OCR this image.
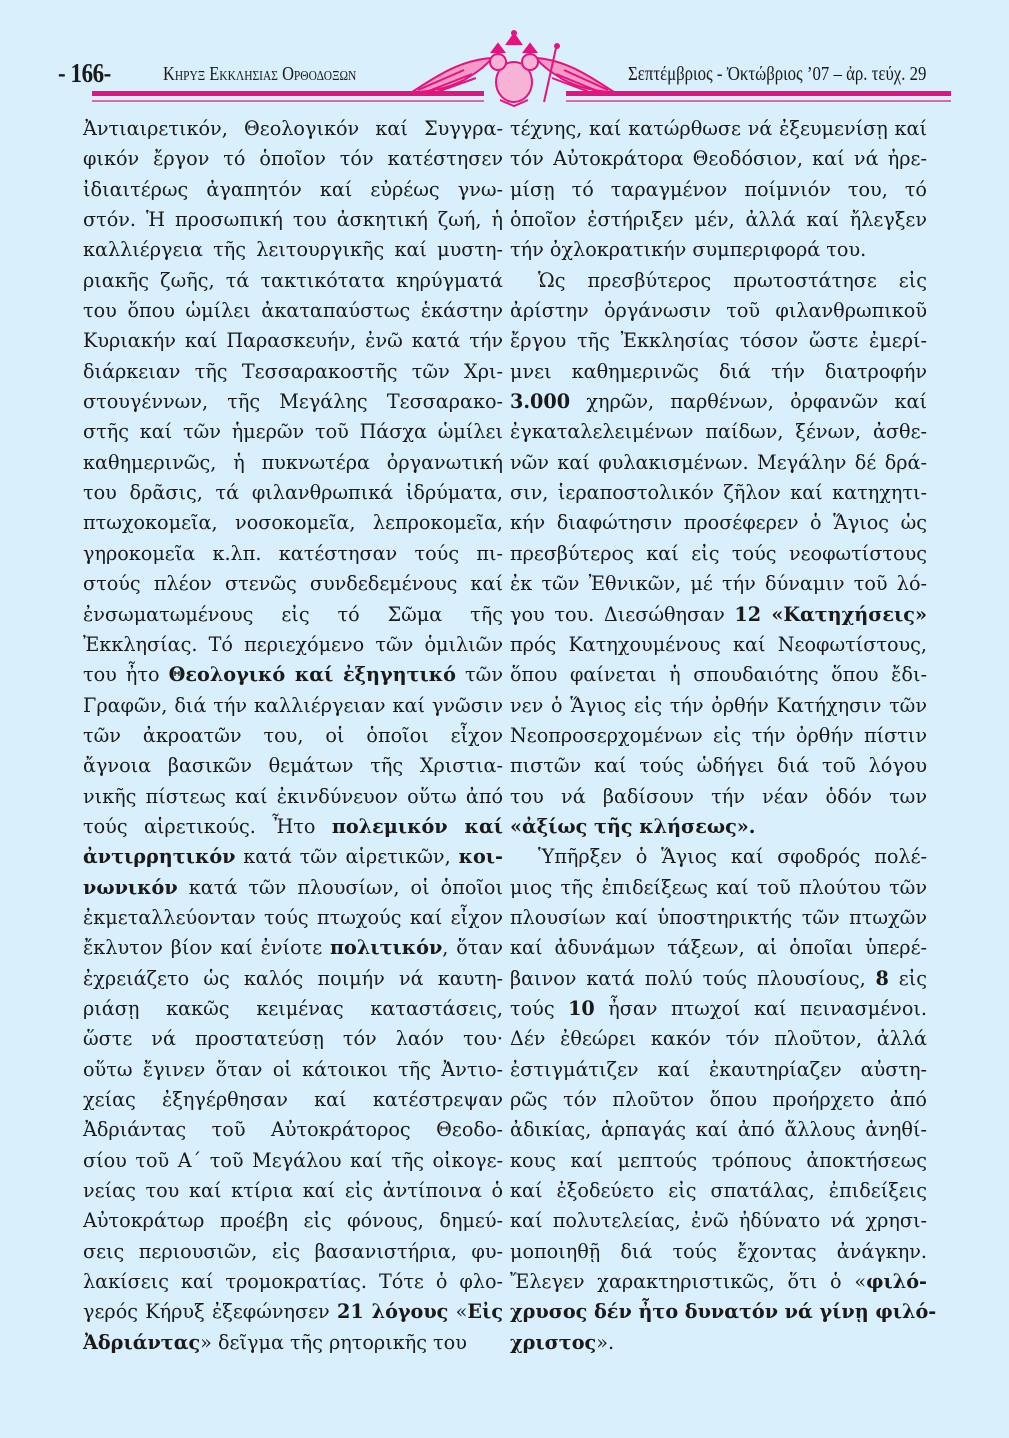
- 166-	Κηρυξ Εκκλησιας Ορθοδοξων	Σεπτέμβριος - Ὀκτώβριος ’07 – ἀρ. τεύχ. 29
Ἀντιαιρετικόν, Θεολογικόν καί Συγγρα-
φικόν ἔργον τό ὁποῖον τόν κατέστησεν
ἰδιαιτέρως ἀγαπητόν καί εὐρέως γνω-
στόν. Ἡ προσωπική του ἀσκητική ζωή, ἡ
καλλιέργεια τῆς λειτουργικῆς καί μυστη-
ριακῆς ζωῆς, τά τακτικότατα κηρύγματά
του ὅπου ὡμίλει ἀκαταπαύστως ἑκάστην
Κυριακήν καί Παρασκευήν, ἐνῶ κατά τήν
διάρκειαν τῆς Τεσσαρακοστῆς τῶν Χρι-
στουγέννων, τῆς Μεγάλης Τεσσαρακο-
στῆς καί τῶν ἡμερῶν τοῦ Πάσχα ὡμίλει
καθημερινῶς, ἡ πυκνωτέρα ὀργανωτική
του δρᾶσις, τά φιλανθρωπικά ἱδρύματα,
πτωχοκομεῖα, νοσοκομεῖα, λεπροκομεῖα,
γηροκομεῖα κ.λπ. κατέστησαν τούς πι-
στούς πλέον στενῶς συνδεδεμένους καί
ἐνσωματωμένους εἰς τό Σῶμα τῆς
Ἐκκλησίας. Τό περιεχόμενο τῶν ὁμιλιῶν
του ἦτο Θεολογικό καί ἐξηγητικό τῶν
Γραφῶν, διά τήν καλλιέργειαν καί γνῶσιν
τῶν ἀκροατῶν του, οἱ ὁποῖοι εἶχον
ἄγνοια βασικῶν θεμάτων τῆς Χριστια-
νικῆς πίστεως καί ἐκινδύνευον οὕτω ἀπό
τούς αἱρετικούς. Ἦτο πολεμικόν καί
ἀντιρρητικόν κατά τῶν αἱρετικῶν, κοι-
νωνικόν κατά τῶν πλουσίων, οἱ ὁποῖοι
ἐκμεταλλεύονταν τούς πτωχούς καί εἶχον
ἔκλυτον βίον καί ἐνίοτε πολιτικόν, ὅταν
ἐχρειάζετο ὡς καλός ποιμήν νά καυτη-
ριάσῃ κακῶς κειμένας καταστάσεις,
ὥστε νά προστατεύσῃ τόν λαόν του·
οὕτω ἔγινεν ὅταν οἱ κάτοικοι τῆς Ἀντιο-
χείας ἐξηγέρθησαν καί κατέστρεψαν
Ἀδριάντας τοῦ Αὐτοκράτορος Θεοδο-
σίου τοῦ Α΄ τοῦ Μεγάλου καί τῆς οἰκογε-
νείας του καί κτίρια καί εἰς ἀντίποινα ὁ
Αὐτοκράτωρ προέβη εἰς φόνους, δημεύ-
σεις περιουσιῶν, εἰς βασανιστήρια, φυ-
λακίσεις καί τρομοκρατίας. Τότε ὁ φλο-
γερός Κήρυξ ἐξεφώνησεν 21 λόγους «Εἰς
Ἀδριάντας» δεῖγμα τῆς ρητορικῆς του
τέχνης, καί κατώρθωσε νά ἐξευμενίσῃ καί
τόν Αὐτοκράτορα Θεοδόσιον, καί νά ἠρε-
μίσῃ τό ταραγμένον ποίμνιόν του, τό
ὁποῖον ἐστήριξεν μέν, ἀλλά καί ἤλεγξεν
τήν ὀχλοκρατικήν συμπεριφορά του.
Ὡς πρεσβύτερος πρωτοστάτησε εἰς
ἀρίστην ὀργάνωσιν τοῦ φιλανθρωπικοῦ
ἔργου τῆς Ἐκκλησίας τόσον ὥστε ἐμερί-
μνει καθημερινῶς διά τήν διατροφήν
3.000 χηρῶν, παρθένων, ὀρφανῶν καί
ἐγκαταλελειμένων παίδων, ξένων, ἀσθε-
νῶν καί φυλακισμένων. Μεγάλην δέ δρά-
σιν, ἱεραποστολικόν ζῆλον καί κατηχητι-
κήν διαφώτησιν προσέφερεν ὁ Ἅγιος ὡς
πρεσβύτερος καί εἰς τούς νεοφωτίστους
ἐκ τῶν Ἐθνικῶν, μέ τήν δύναμιν τοῦ λό-
γου του. Διεσώθησαν 12 «Κατηχήσεις»
πρός Κατηχουμένους καί Νεοφωτίστους,
ὅπου φαίνεται ἡ σπουδαιότης ὅπου ἔδι-
νεν ὁ Ἅγιος εἰς τήν ὀρθήν Κατήχησιν τῶν
Νεοπροσερχομένων εἰς τήν ὀρθήν πίστιν
πιστῶν καί τούς ὡδήγει διά τοῦ λόγου
του νά βαδίσουν τήν νέαν ὁδόν των
«ἀξίως τῆς κλήσεως».
Ὑπῆρξεν ὁ Ἅγιος καί σφοδρός πολέ-
μιος τῆς ἐπιδείξεως καί τοῦ πλούτου τῶν
πλουσίων καί ὑποστηρικτής τῶν πτωχῶν
καί ἀδυνάμων τάξεων, αἱ ὁποῖαι ὑπερέ-
βαινον κατά πολύ τούς πλουσίους, 8 εἰς
τούς 10 ἦσαν πτωχοί καί πεινασμένοι.
Δέν ἐθεώρει κακόν τόν πλοῦτον, ἀλλά
ἐστιγμάτιζεν καί ἐκαυτηρίαζεν αὐστη-
ρῶς τόν πλοῦτον ὅπου προήρχετο ἀπό
ἀδικίας, ἁρπαγάς καί ἀπό ἄλλους ἀνηθί-
κους καί μεπτούς τρόπους ἀποκτήσεως
καί ἐξοδεύετο εἰς σπατάλας, ἐπιδείξεις
καί πολυτελείας, ἐνῶ ἠδύνατο νά χρησι-
μοποιηθῇ διά τούς ἔχοντας ἀνάγκην.
Ἔλεγεν χαρακτηριστικῶς, ὅτι ὁ «φιλό-
χρυσος δέν ἦτο δυνατόν νά γίνῃ φιλό-
χριστος».
